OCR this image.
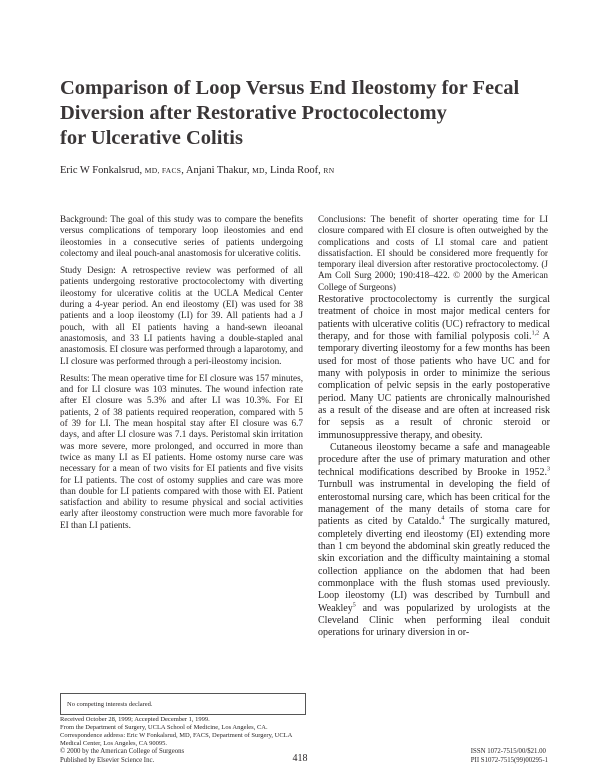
Comparison of Loop Versus End Ileostomy for Fecal
Diversion after Restorative Proctocolectomy
for Ulcerative Colitis
Eric W Fonkalsrud, MD, FACS, Anjani Thakur, MD, Linda Roof, RN

Background: The goal of this study was to compare the benefits versus complications of temporary loop ileostomies and end ileostomies in a consecutive series of patients undergoing colectomy and ileal pouch-anal anastomosis for ulcerative colitis.

Study Design: A retrospective review was performed of all patients undergoing restorative proctocolectomy with diverting ileostomy for ulcerative colitis at the UCLA Medical Center during a 4-year period. An end ileostomy (EI) was used for 38 patients and a loop ileostomy (LI) for 39. All patients had a J pouch, with all EI patients having a hand-sewn ileoanal anastomosis, and 33 LI patients having a double-stapled anal anastomosis. EI closure was performed through a laparotomy, and LI closure was performed through a peri-ileostomy incision.

Results: The mean operative time for EI closure was 157 minutes, and for LI closure was 103 minutes. The wound infection rate after EI closure was 5.3% and after LI was 10.3%. For EI patients, 2 of 38 patients required reoperation, compared with 5 of 39 for LI. The mean hospital stay after EI closure was 6.7 days, and after LI closure was 7.1 days. Peristomal skin irritation was more severe, more prolonged, and occurred in more than twice as many LI as EI patients. Home ostomy nurse care was necessary for a mean of two visits for EI patients and five visits for LI patients. The cost of ostomy supplies and care was more than double for LI patients compared with those with EI. Patient satisfaction and ability to resume physical and social activities early after ileostomy construction were much more favorable for EI than LI patients.

Conclusions: The benefit of shorter operating time for LI closure compared with EI closure is often outweighed by the complications and costs of LI stomal care and patient dissatisfaction. EI should be considered more frequently for temporary ileal diversion after restorative proctocolectomy. (J Am Coll Surg 2000; 190:418–422. © 2000 by the American College of Surgeons)

Restorative proctocolectomy is currently the surgical treatment of choice in most major medical centers for patients with ulcerative colitis (UC) refractory to medical therapy, and for those with familial polyposis coli.$^{1,2}$ A temporary diverting ileostomy for a few months has been used for most of those patients who have UC and for many with polyposis in order to minimize the serious complication of pelvic sepsis in the early postoperative period. Many UC patients are chronically malnourished as a result of the disease and are often at increased risk for sepsis as a result of chronic steroid or immunosuppressive therapy, and obesity.

Cutaneous ileostomy became a safe and manageable procedure after the use of primary maturation and other technical modifications described by Brooke in 1952.$^3$ Turnbull was instrumental in developing the field of enterostomal nursing care, which has been critical for the management of the many details of stoma care for patients as cited by Cataldo.$^4$ The surgically matured, completely diverting end ileostomy (EI) extending more than 1 cm beyond the abdominal skin greatly reduced the skin excoriation and the difficulty maintaining a stomal collection appliance on the abdomen that had been commonplace with the flush stomas used previously. Loop ileostomy (LI) was described by Turnbull and Weakley$^5$ and was popularized by urologists at the Cleveland Clinic when performing ileal conduit operations for urinary diversion in or-

No competing interests declared.

Received October 28, 1999; Accepted December 1, 1999.

From the Department of Surgery, UCLA School of Medicine, Los Angeles, CA.

Correspondence address: Eric W Fonkalsrud, MD, FACS, Department of Surgery, UCLA Medical Center, Los Angeles, CA 90095.

© 2000 by the American College of Surgeons
Published by Elsevier Science Inc.	418
ISSN 1072-7515/00/$21.00
PII S1072-7515(99)00295-1
